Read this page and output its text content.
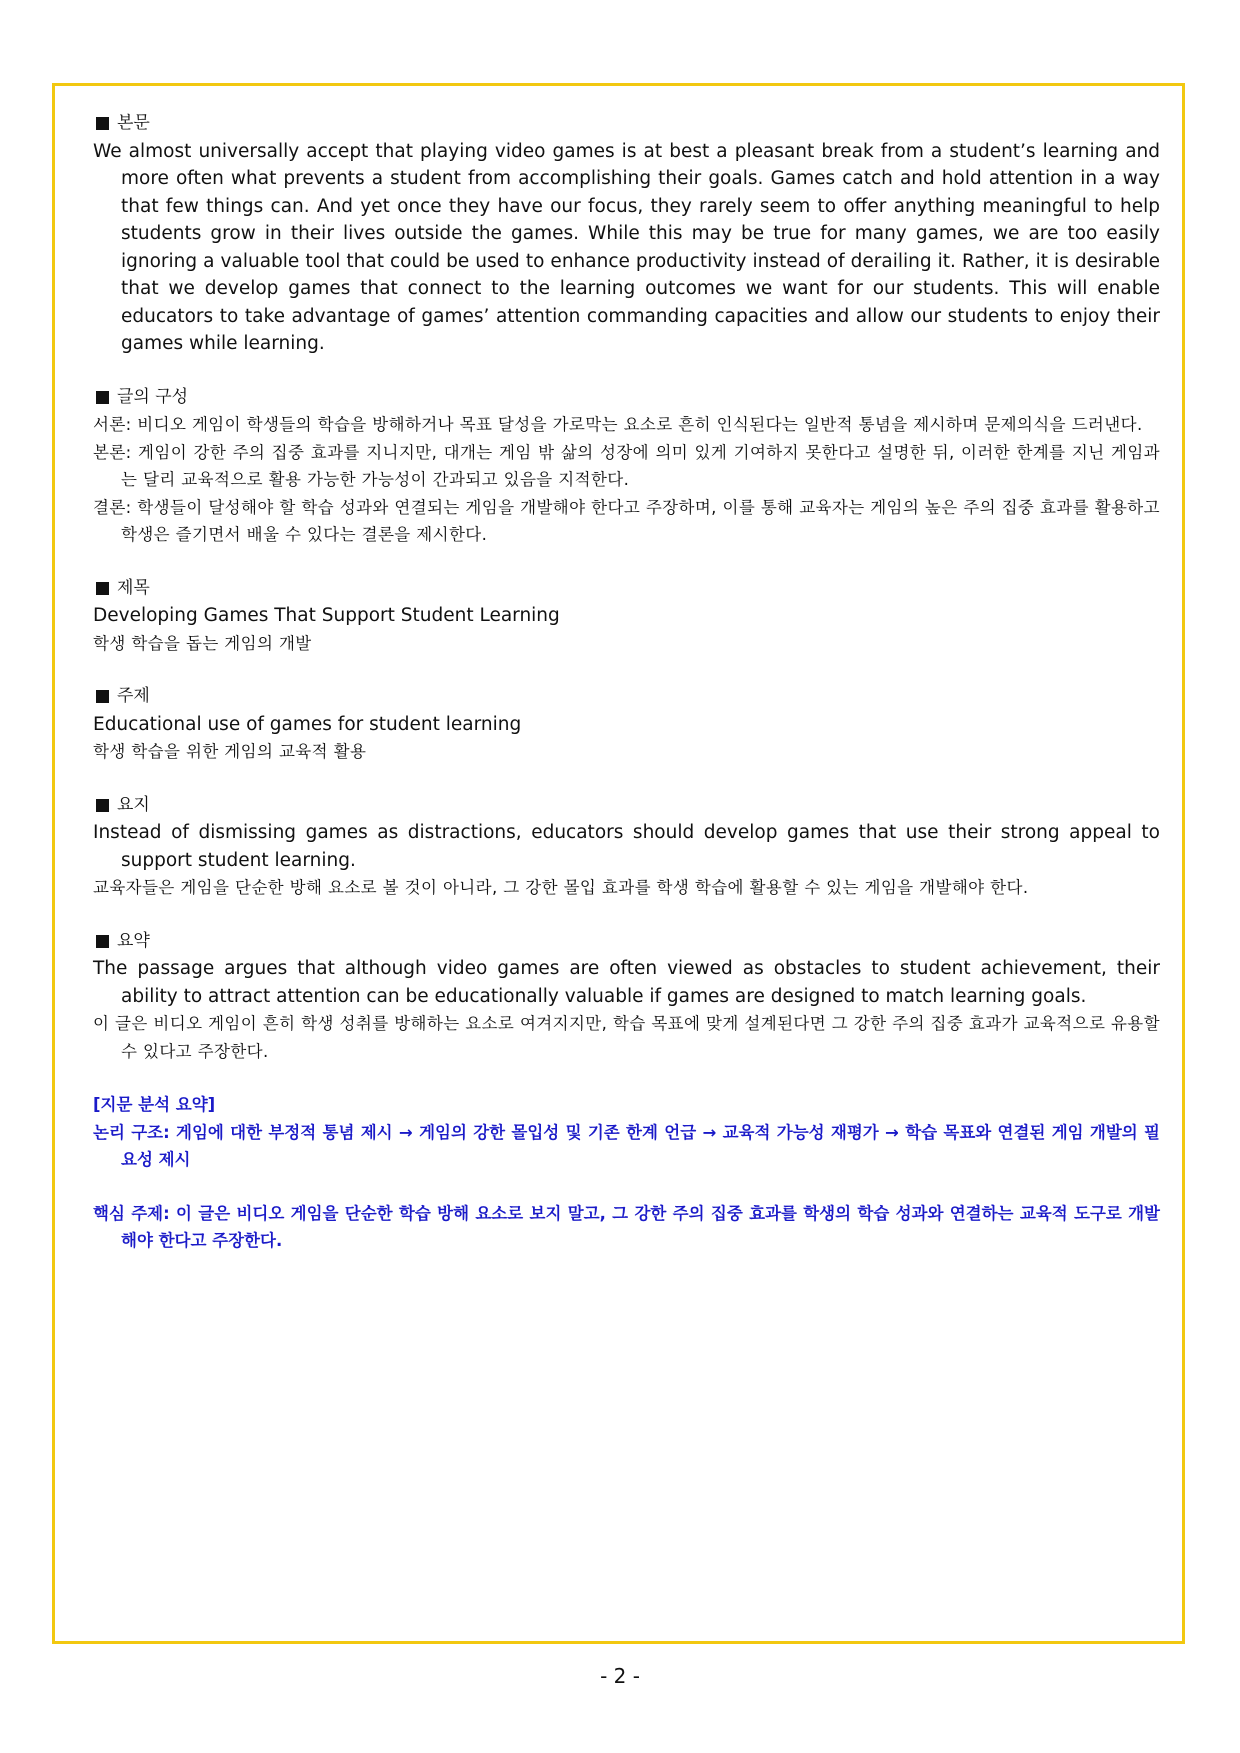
본문

We almost universally accept that playing video games is at best a pleasant break from a student’s learning and more often what prevents a student from accomplishing their goals. Games catch and hold attention in a way that few things can. And yet once they have our focus, they rarely seem to offer anything meaningful to help students grow in their lives outside the games. While this may be true for many games, we are too easily ignoring a valuable tool that could be used to enhance productivity instead of derailing it. Rather, it is desirable that we develop games that connect to the learning outcomes we want for our students. This will enable educators to take advantage of games’ attention commanding capacities and allow our students to enjoy their games while learning.

글의 구성

서론: 비디오 게임이 학생들의 학습을 방해하거나 목표 달성을 가로막는 요소로 흔히 인식된다는 일반적 통념을 제시하며 문제의식을 드러낸다.

본론: 게임이 강한 주의 집중 효과를 지니지만, 대개는 게임 밖 삶의 성장에 의미 있게 기여하지 못한다고 설명한 뒤, 이러한 한계를 지닌 게임과는 달리 교육적으로 활용 가능한 가능성이 간과되고 있음을 지적한다.

결론: 학생들이 달성해야 할 학습 성과와 연결되는 게임을 개발해야 한다고 주장하며, 이를 통해 교육자는 게임의 높은 주의 집중 효과를 활용하고 학생은 즐기면서 배울 수 있다는 결론을 제시한다.

제목

Developing Games That Support Student Learning

학생 학습을 돕는 게임의 개발

주제

Educational use of games for student learning

학생 학습을 위한 게임의 교육적 활용

요지

Instead of dismissing games as distractions, educators should develop games that use their strong appeal to support student learning.

교육자들은 게임을 단순한 방해 요소로 볼 것이 아니라, 그 강한 몰입 효과를 학생 학습에 활용할 수 있는 게임을 개발해야 한다.

요약

The passage argues that although video games are often viewed as obstacles to student achievement, their ability to attract attention can be educationally valuable if games are designed to match learning goals.

이 글은 비디오 게임이 흔히 학생 성취를 방해하는 요소로 여겨지지만, 학습 목표에 맞게 설계된다면 그 강한 주의 집중 효과가 교육적으로 유용할 수 있다고 주장한다.

[지문 분석 요약]

논리 구조: 게임에 대한 부정적 통념 제시 → 게임의 강한 몰입성 및 기존 한계 언급 → 교육적 가능성 재평가 → 학습 목표와 연결된 게임 개발의 필요성 제시

핵심 주제: 이 글은 비디오 게임을 단순한 학습 방해 요소로 보지 말고, 그 강한 주의 집중 효과를 학생의 학습 성과와 연결하는 교육적 도구로 개발해야 한다고 주장한다.

- 2 -
